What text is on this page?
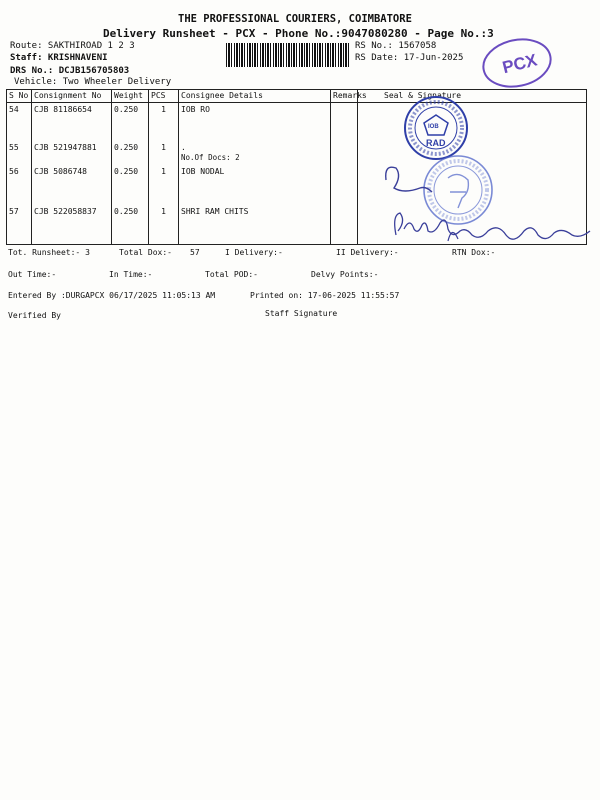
THE PROFESSIONAL COURIERS, COIMBATORE
Delivery Runsheet - PCX - Phone No.:9047080280 - Page No.:3
Route: SAKTHIROAD 1 2 3
Staff: KRISHNAVENI
DRS No.: DCJB156705803
Vehicle: Two Wheeler Delivery
RS No.: 1567058
RS Date: 17-Jun-2025 PCX
S No	Consignment No	Weight	PCS	Consignee Details	Remarks	Seal & Signature
54	CJB 81186654	0.250	1	IOB RO		
55	CJB 521947881	0.250	1	.
No.Of Docs: 2		

56	CJB 5086748	0.250	1	IOB NODAL		
57	CJB 522058837	0.250	1	SHRI RAM CHITS		
IOB
RAD
Tot. Runsheet:- 3	Total Dox:- 57	I Delivery:-	II Delivery:-	RTN Dox:-
Out Time:-	In Time:-	Total POD:-	Delvy Points:-
Entered By :DURGAPCX 06/17/2025 11:05:13 AM	Printed on: 17-06-2025 11:55:57
Verified By	Staff Signature
